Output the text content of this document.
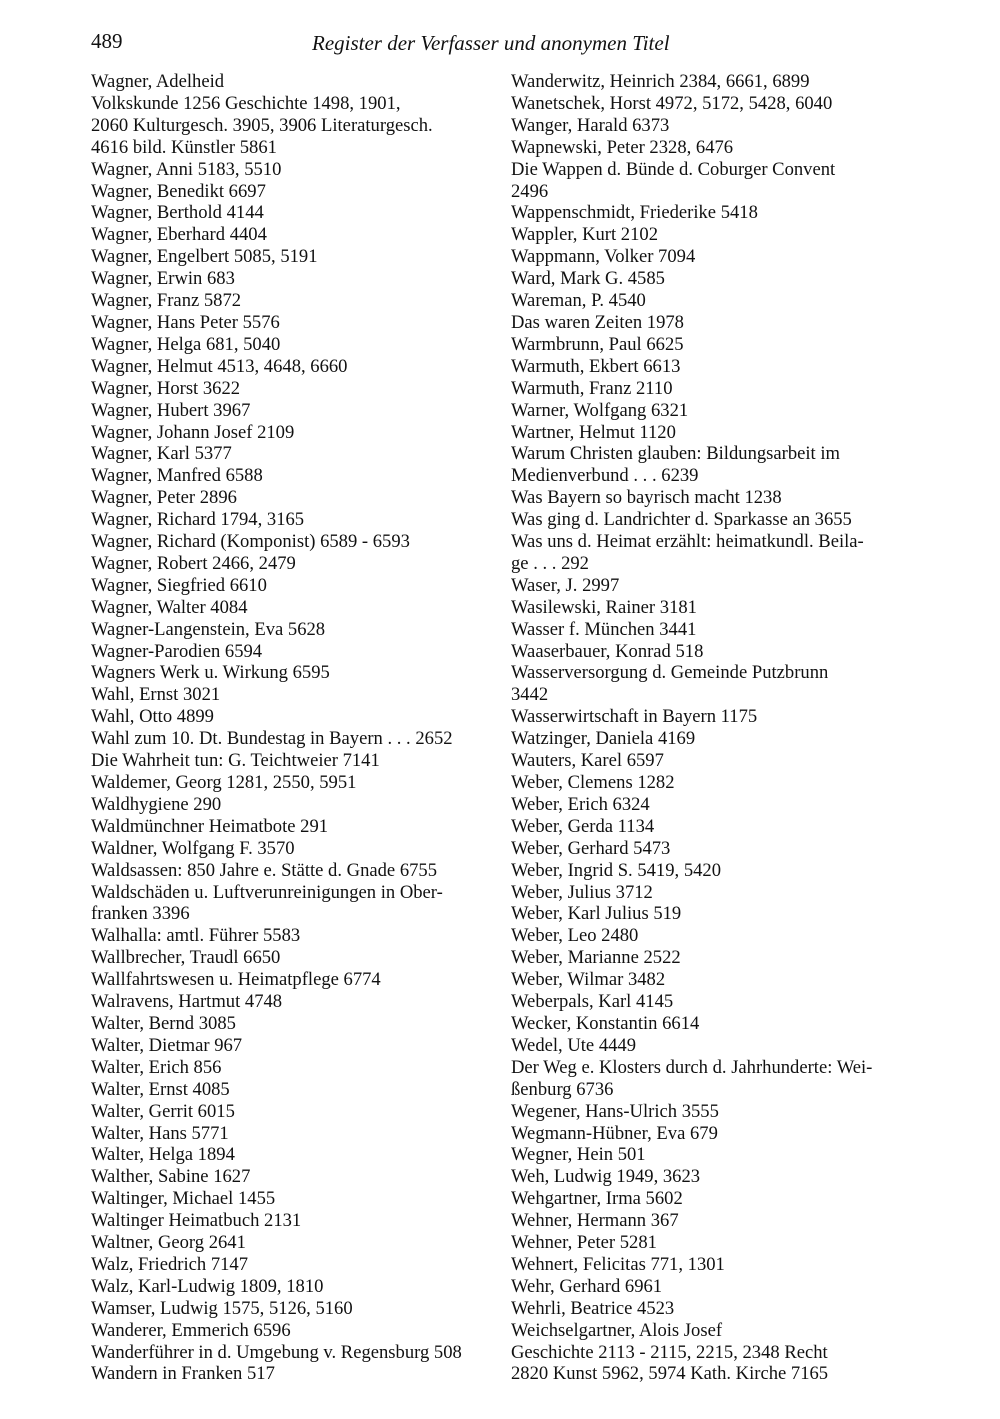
489	Register der Verfasser und anonymen Titel
Wagner, Adelheid
Volkskunde 1256 Geschichte 1498, 1901,
2060 Kulturgesch. 3905, 3906 Literaturgesch.
4616 bild. Künstler 5861
Wagner, Anni 5183, 5510
Wagner, Benedikt 6697
Wagner, Berthold 4144
Wagner, Eberhard 4404
Wagner, Engelbert 5085, 5191
Wagner, Erwin 683
Wagner, Franz 5872
Wagner, Hans Peter 5576
Wagner, Helga 681, 5040
Wagner, Helmut 4513, 4648, 6660
Wagner, Horst 3622
Wagner, Hubert 3967
Wagner, Johann Josef 2109
Wagner, Karl 5377
Wagner, Manfred 6588
Wagner, Peter 2896
Wagner, Richard 1794, 3165
Wagner, Richard (Komponist) 6589 - 6593
Wagner, Robert 2466, 2479
Wagner, Siegfried 6610
Wagner, Walter 4084
Wagner-Langenstein, Eva 5628
Wagner-Parodien 6594
Wagners Werk u. Wirkung 6595
Wahl, Ernst 3021
Wahl, Otto 4899
Wahl zum 10. Dt. Bundestag in Bayern . . . 2652
Die Wahrheit tun: G. Teichtweier 7141
Waldemer, Georg 1281, 2550, 5951
Waldhygiene 290
Waldmünchner Heimatbote 291
Waldner, Wolfgang F. 3570
Waldsassen: 850 Jahre e. Stätte d. Gnade 6755
Waldschäden u. Luftverunreinigungen in Ober-
franken 3396
Walhalla: amtl. Führer 5583
Wallbrecher, Traudl 6650
Wallfahrtswesen u. Heimatpflege 6774
Walravens, Hartmut 4748
Walter, Bernd 3085
Walter, Dietmar 967
Walter, Erich 856
Walter, Ernst 4085
Walter, Gerrit 6015
Walter, Hans 5771
Walter, Helga 1894
Walther, Sabine 1627
Waltinger, Michael 1455
Waltinger Heimatbuch 2131
Waltner, Georg 2641
Walz, Friedrich 7147
Walz, Karl-Ludwig 1809, 1810
Wamser, Ludwig 1575, 5126, 5160
Wanderer, Emmerich 6596
Wanderführer in d. Umgebung v. Regensburg 508
Wandern in Franken 517
Wanderwitz, Heinrich 2384, 6661, 6899
Wanetschek, Horst 4972, 5172, 5428, 6040
Wanger, Harald 6373
Wapnewski, Peter 2328, 6476
Die Wappen d. Bünde d. Coburger Convent
2496
Wappenschmidt, Friederike 5418
Wappler, Kurt 2102
Wappmann, Volker 7094
Ward, Mark G. 4585
Wareman, P. 4540
Das waren Zeiten 1978
Warmbrunn, Paul 6625
Warmuth, Ekbert 6613
Warmuth, Franz 2110
Warner, Wolfgang 6321
Wartner, Helmut 1120
Warum Christen glauben: Bildungsarbeit im
Medienverbund . . . 6239
Was Bayern so bayrisch macht 1238
Was ging d. Landrichter d. Sparkasse an 3655
Was uns d. Heimat erzählt: heimatkundl. Beila-
ge . . . 292
Waser, J. 2997
Wasilewski, Rainer 3181
Wasser f. München 3441
Waaserbauer, Konrad 518
Wasserversorgung d. Gemeinde Putzbrunn
3442
Wasserwirtschaft in Bayern 1175
Watzinger, Daniela 4169
Wauters, Karel 6597
Weber, Clemens 1282
Weber, Erich 6324
Weber, Gerda 1134
Weber, Gerhard 5473
Weber, Ingrid S. 5419, 5420
Weber, Julius 3712
Weber, Karl Julius 519
Weber, Leo 2480
Weber, Marianne 2522
Weber, Wilmar 3482
Weberpals, Karl 4145
Wecker, Konstantin 6614
Wedel, Ute 4449
Der Weg e. Klosters durch d. Jahrhunderte: Wei-
ßenburg 6736
Wegener, Hans-Ulrich 3555
Wegmann-Hübner, Eva 679
Wegner, Hein 501
Weh, Ludwig 1949, 3623
Wehgartner, Irma 5602
Wehner, Hermann 367
Wehner, Peter 5281
Wehnert, Felicitas 771, 1301
Wehr, Gerhard 6961
Wehrli, Beatrice 4523
Weichselgartner, Alois Josef
Geschichte 2113 - 2115, 2215, 2348 Recht
2820 Kunst 5962, 5974 Kath. Kirche 7165
